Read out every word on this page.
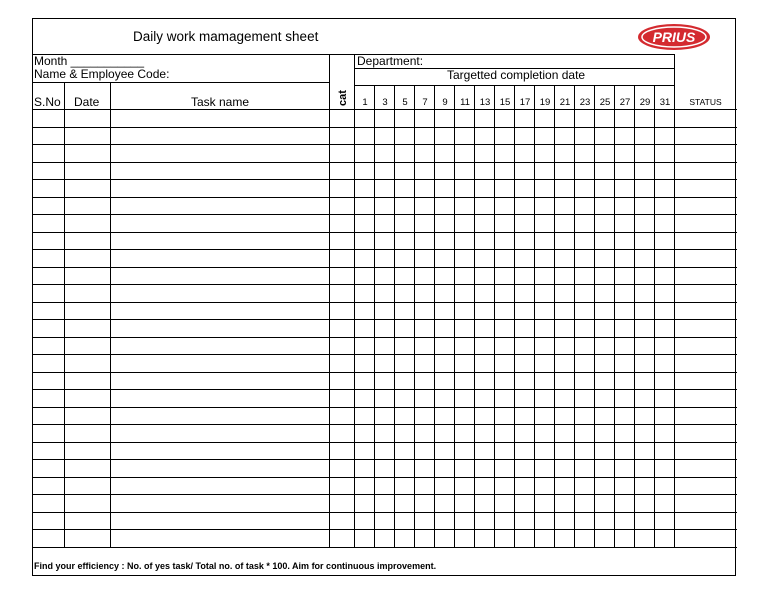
Daily work mamagement sheet	PRIUS
Month ___________
Name & Employee Code:
Department:
Targetted completion date
S.No Date	Task name	cat	1	3	5	7	9	11	13 15 17 19 21 23 25 27 29 31	STATUS
Find your efficiency : No. of yes task/ Total no. of task * 100. Aim for continuous improvement.
